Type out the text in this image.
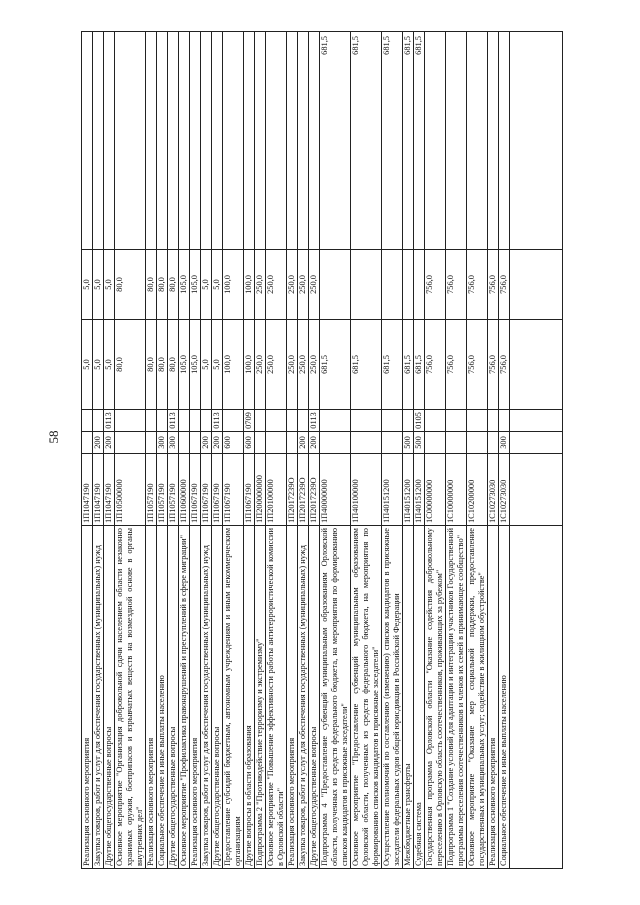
58
Реализация основного мероприятия	1П1047190			5,0	5,0	
Закупка товаров, работ и услуг для обеспечения государственных (муниципальных) нужд	1П1047190	200		5,0	5,0	
Другие общегосударственные вопросы	1П1047190	200	0113	5,0	5,0	
Основное мероприятие "Организация добровольной сдачи населением области незаконно хранимых оружия, боеприпасов и взрывчатых веществ на возмездной основе в органы внутренних дел"	1П10500000			80,0	80,0	
Реализация основного мероприятия	1П1057190			80,0	80,0	
Социальное обеспечение и иные выплаты населению	1П1057190	300		80,0	80,0	
Другие общегосударственные вопросы	1П1057190	300	0113	80,0	80,0	
Основное мероприятие "Профилактика правонарушений и преступлений в сфере миграции"	1П10600000			105,0	105,0	
Реализация основного мероприятия	1П1067190			105,0	105,0	
Закупка товаров, работ и услуг для обеспечения государственных (муниципальных) нужд	1П1067190	200		5,0	5,0	
Другие общегосударственные вопросы	1П1067190	200	0113	5,0	5,0	
Предоставление субсидий бюджетным, автономным учреждениям и иным некоммерческим организациям	1П1067190	600		100,0	100,0	
Другие вопросы в области образования	1П1067190	600	0709	100,0	100,0	
Подпрограмма 2 "Противодействие терроризму и экстремизму"	1П200000000			250,0	250,0	
Основное мероприятие "Повышение эффективности работы антитеррористической комиссии в Орловской области"	1П20100000			250,0	250,0	
Реализация основного мероприятия	1П2017239О			250,0	250,0	
Закупка товаров, работ и услуг для обеспечения государственных (муниципальных) нужд	1П2017239О	200		250,0	250,0	
Другие общегосударственные вопросы	1П2017239О	200	0113	250,0	250,0	
Подпрограмма 4 "Предоставление субвенций муниципальным образованиям Орловской области, полученных из средств федерального бюджета, на мероприятия по формированию списков кандидатов в присяжные заседатели"	1П40000000			681,5		681,5
Основное мероприятие "Предоставление субвенций муниципальным образованиям Орловской области, полученных из средств федерального бюджета, на мероприятия по формированию списков кандидатов в присяжные заседатели"	1П40100000			681,5		681,5
Осуществление полномочий по составлению (изменению) списков кандидатов в присяжные заседатели федеральных судов общей юрисдикции в Российской Федерации	1П40151200			681,5		681,5
Межбюджетные трансферты	1П40151200	500		681,5		681,5
Судебная система	1П40151200	500	0105	681,5		681,5
Государственная программа Орловской области "Оказание содействия добровольному переселению в Орловскую область соотечественников, проживающих за рубежом"	1С00000000			756,0	756,0	
Подпрограмма 1 "Создание условий для адаптации и интеграции участников Государственной программы переселения соотечественников и членов их семей в принимающее сообщество"	1С10000000			756,0	756,0	
Основное мероприятие "Оказание мер социальной поддержки, предоставление государственных и муниципальных услуг; содействие в жилищном обустройстве"	1С10200000			756,0	756,0	
Реализация основного мероприятия	1С10273030			756,0	756,0	
Социальное обеспечение и иные выплаты населению	1С10273030	300		756,0	756,0	
